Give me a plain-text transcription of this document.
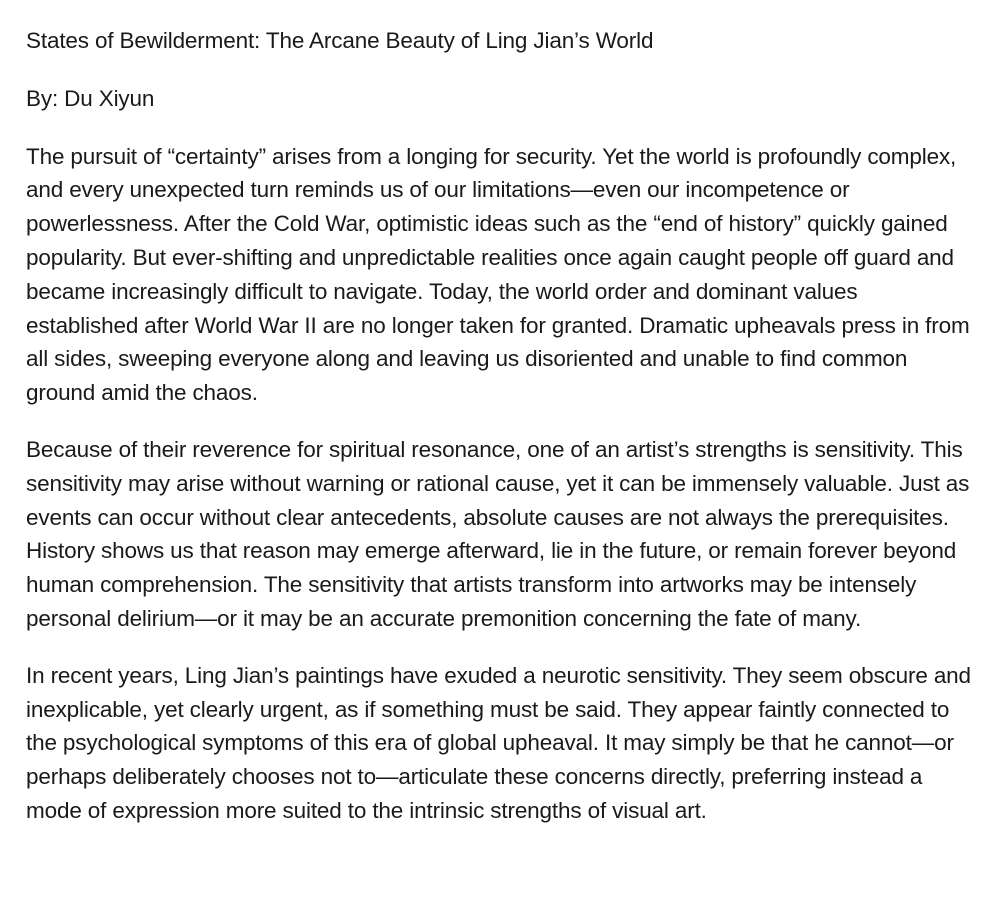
States of Bewilderment: The Arcane Beauty of Ling Jian’s World

By: Du Xiyun

The pursuit of “certainty” arises from a longing for security. Yet the world is profoundly complex, and every unexpected turn reminds us of our limitations—even our incompetence or powerlessness. After the Cold War, optimistic ideas such as the “end of history” quickly gained popularity. But ever-shifting and unpredictable realities once again caught people off guard and became increasingly difficult to navigate. Today, the world order and dominant values established after World War II are no longer taken for granted. Dramatic upheavals press in from all sides, sweeping everyone along and leaving us disoriented and unable to find common ground amid the chaos.

Because of their reverence for spiritual resonance, one of an artist’s strengths is sensitivity. This sensitivity may arise without warning or rational cause, yet it can be immensely valuable. Just as events can occur without clear antecedents, absolute causes are not always the prerequisites. History shows us that reason may emerge afterward, lie in the future, or remain forever beyond human comprehension. The sensitivity that artists transform into artworks may be intensely personal delirium—or it may be an accurate premonition concerning the fate of many.

In recent years, Ling Jian’s paintings have exuded a neurotic sensitivity. They seem obscure and inexplicable, yet clearly urgent, as if something must be said. They appear faintly connected to the psychological symptoms of this era of global upheaval. It may simply be that he cannot—or perhaps deliberately chooses not to—articulate these concerns directly, preferring instead a mode of expression more suited to the intrinsic strengths of visual art.
